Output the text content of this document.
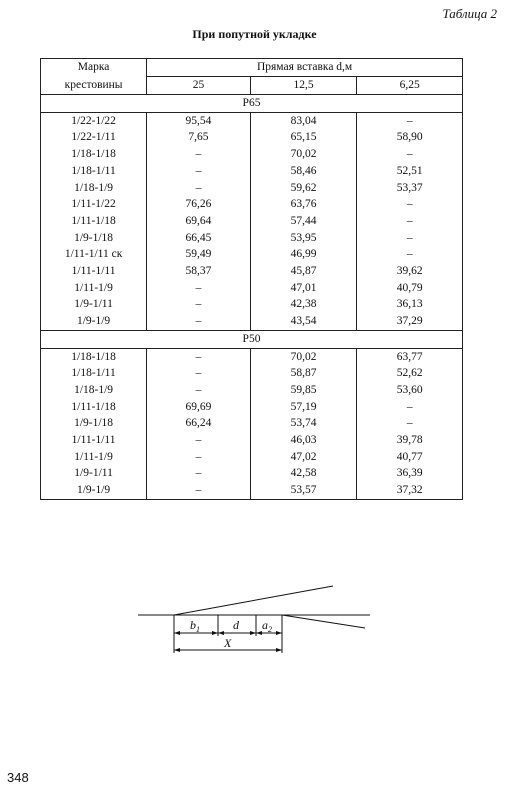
Таблица 2
При попутной укладке
Марка	Прямая вставка d,м		
крестовины	25	12,5	6,25
Р65			
1/22-1/22	95,54	83,04	–
1/22-1/11	7,65	65,15	58,90
1/18-1/18	–	70,02	–
1/18-1/11	–	58,46	52,51
1/18-1/9	–	59,62	53,37
1/11-1/22	76,26	63,76	–
1/11-1/18	69,64	57,44	–
1/9-1/18	66,45	53,95	–
1/11-1/11 ск	59,49	46,99	–
1/11-1/11	58,37	45,87	39,62
1/11-1/9	–	47,01	40,79
1/9-1/11	–	42,38	36,13
1/9-1/9	–	43,54	37,29
Р50			
1/18-1/18	–	70,02	63,77
1/18-1/11	–	58,87	52,62
1/18-1/9	–	59,85	53,60
1/11-1/18	69,69	57,19	–
1/9-1/18	66,24	53,74	–
1/11-1/11	–	46,03	39,78
1/11-1/9	–	47,02	40,77
1/9-1/11	–	42,58	36,39
1/9-1/9	–	53,57	37,32
$b_1$	d $a_2$
X
348
